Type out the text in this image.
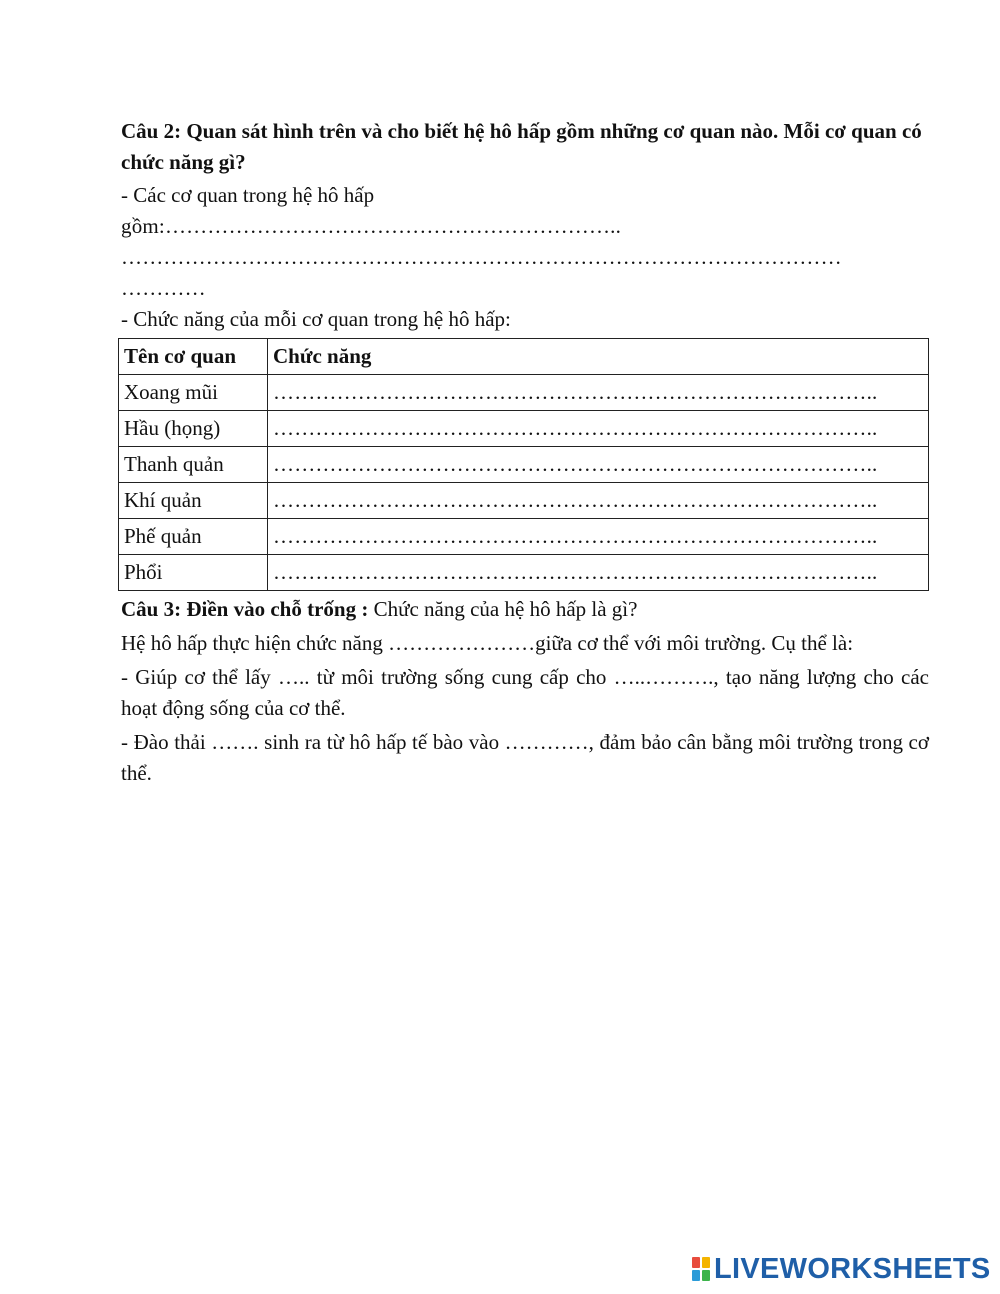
Câu 2: Quan sát hình trên và cho biết hệ hô hấp gồm những cơ quan nào. Mỗi cơ quan có chức năng gì?

- Các cơ quan trong hệ hô hấp

gồm:………………………………………………………..

…………………………………………………………………………………………

…………

- Chức năng của mỗi cơ quan trong hệ hô hấp:

Tên cơ quan	Chức năng
Xoang mũi	…………………………………………………………………………..
Hầu (họng)	…………………………………………………………………………..
Thanh quản	…………………………………………………………………………..
Khí quản	…………………………………………………………………………..
Phế quản	…………………………………………………………………………..
Phổi	…………………………………………………………………………..

Câu 3: Điền vào chỗ trống : Chức năng của hệ hô hấp là gì?

Hệ hô hấp thực hiện chức năng …………………giữa cơ thể với môi trường. Cụ thể là:

- Giúp cơ thể lấy ….. từ môi trường sống cung cấp cho …..………., tạo năng lượng cho các hoạt động sống của cơ thể.

- Đào thải ……. sinh ra từ hô hấp tế bào vào …………, đảm bảo cân bằng môi trường trong cơ thể.

LIVEWORKSHEETS
